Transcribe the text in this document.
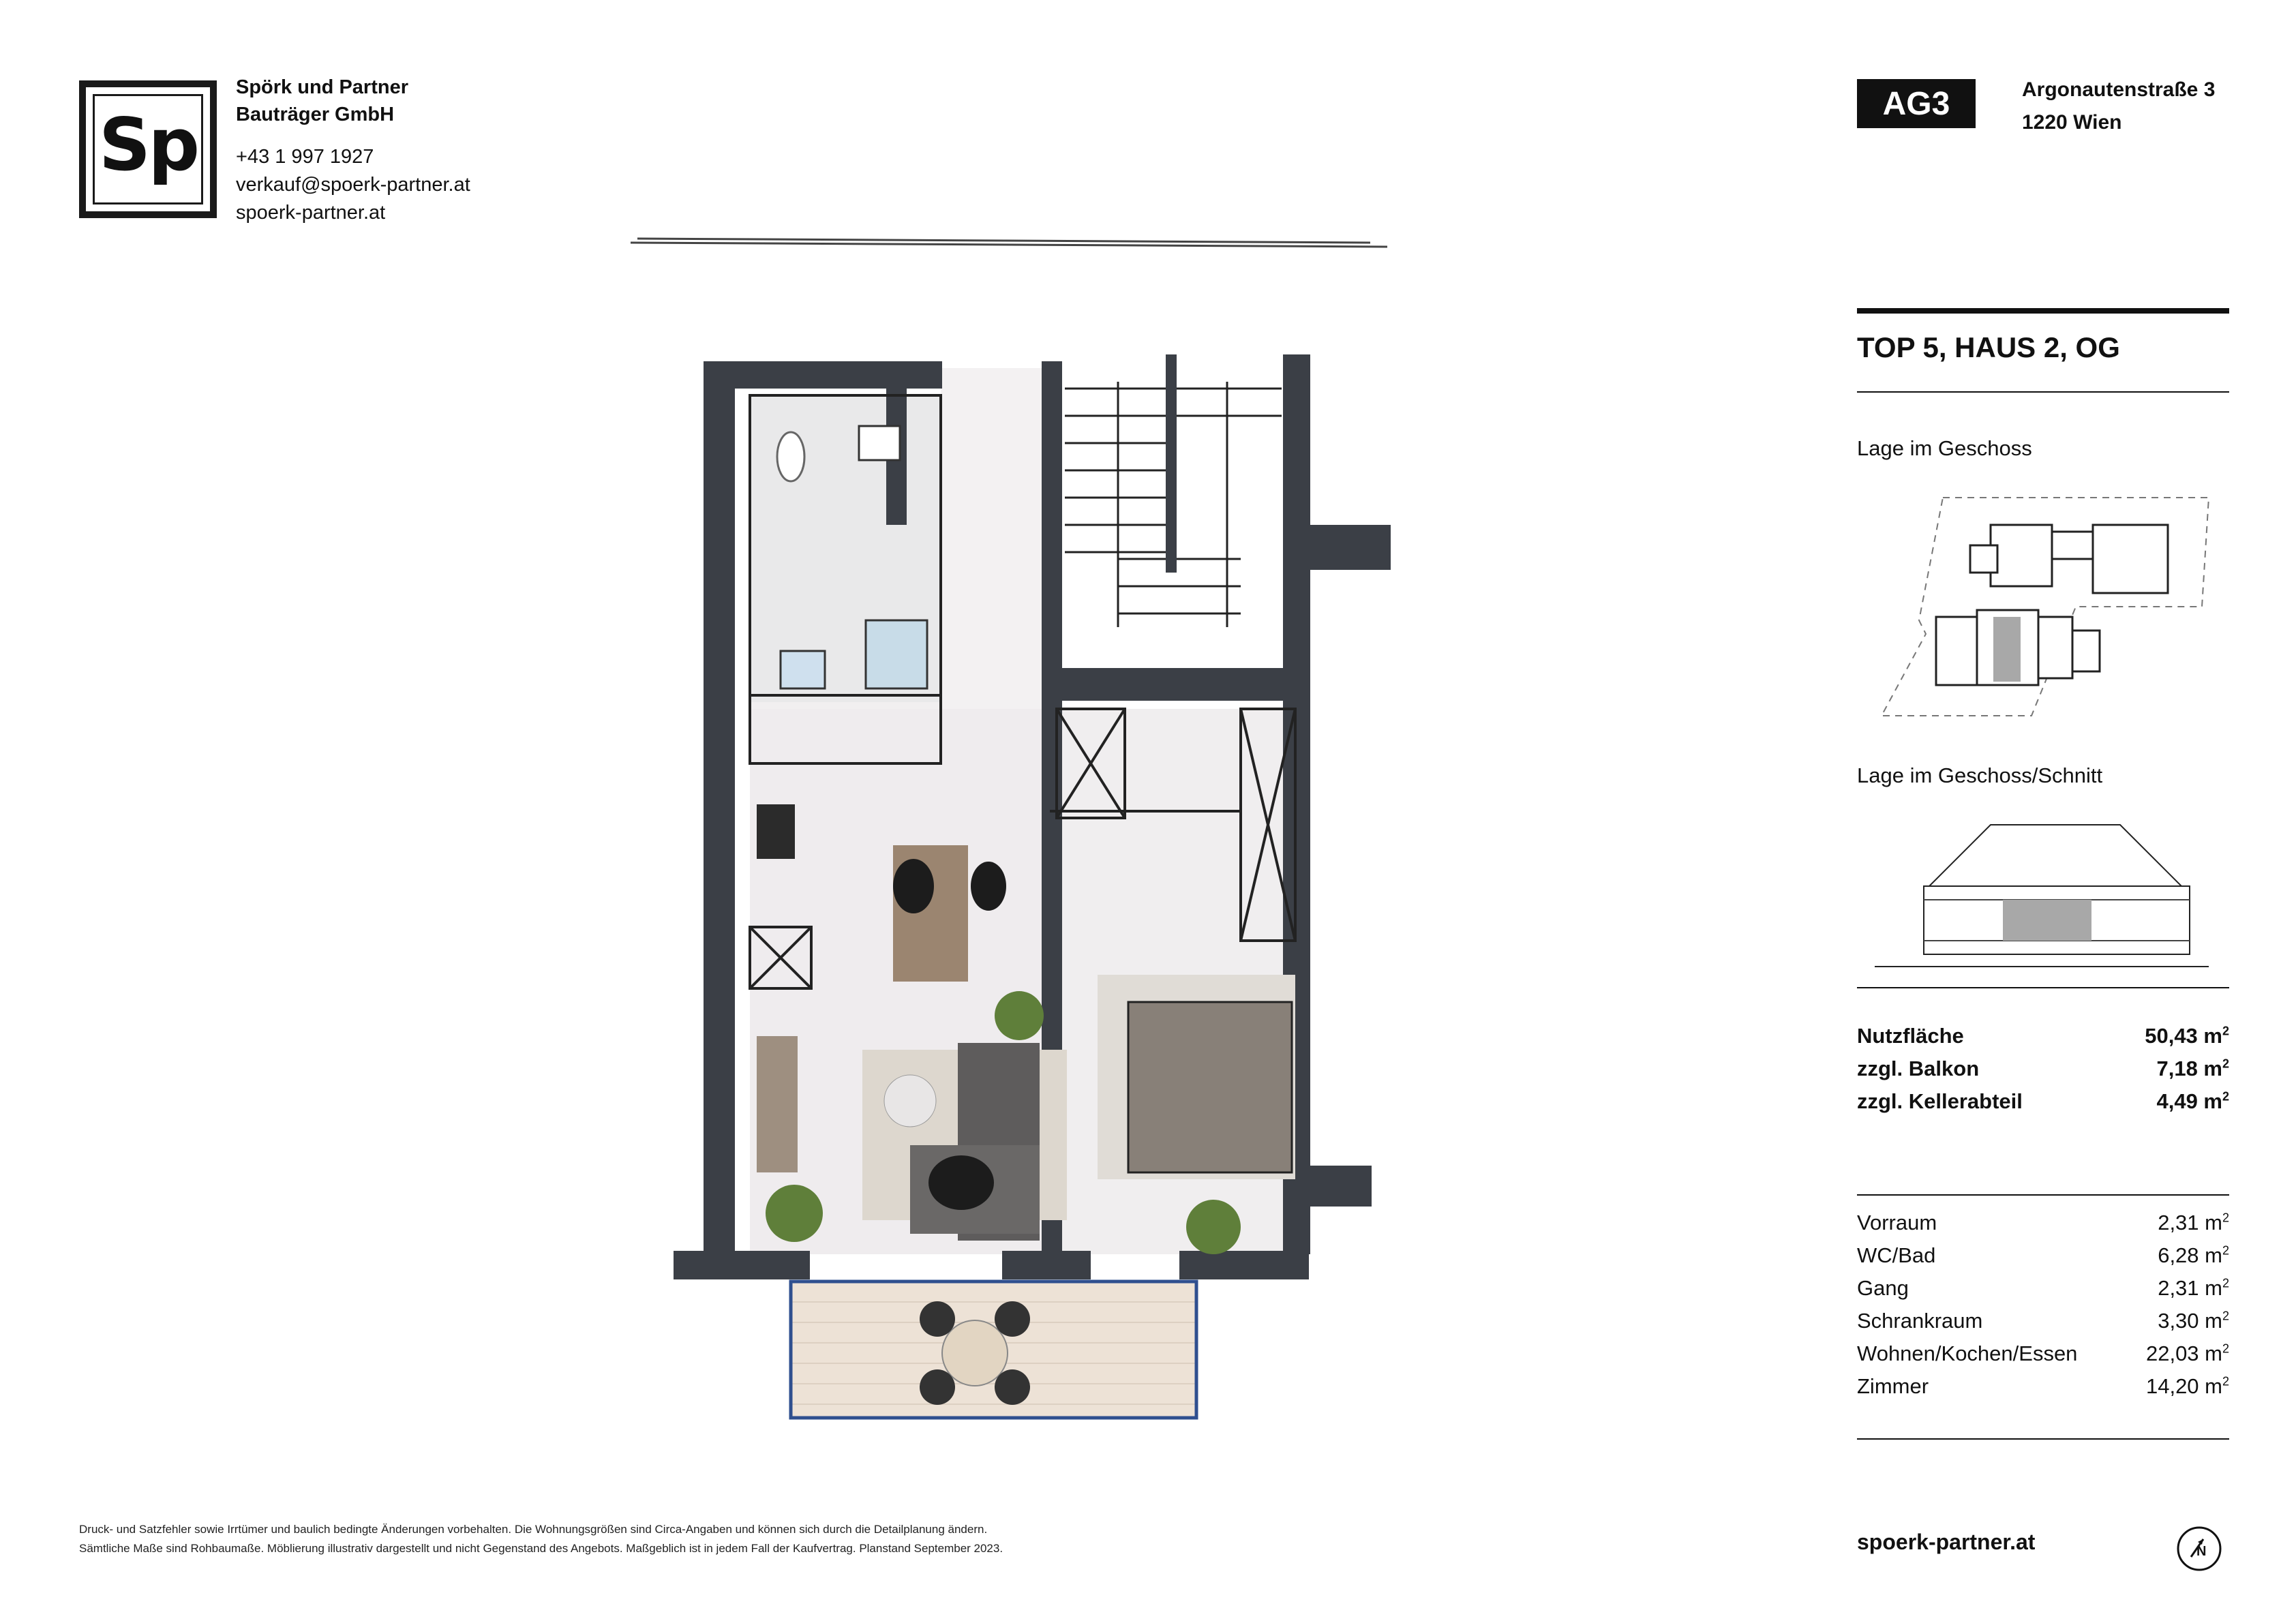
Sp
Spörk und Partner
Bauträger GmbH
+43 1 997 1927
verkauf@spoerk-partner.at
spoerk-partner.at
AG3	Argonautenstraße 3
1220 Wien
TOP 5, HAUS 2, OG
Lage im Geschoss
Lage im Geschoss/Schnitt
Nutzfläche	50,43 $m^2$
zzgl. Balkon	7,18 $m^2$
zzgl. Kellerabteil	4,49 $m^2$
Vorraum	2,31 $m^2$
WC/Bad	6,28 $m^2$
Gang	2,31 $m^2$
Schrankraum	3,30 $m^2$
Wohnen/Kochen/Essen	22,03 $m^2$
Zimmer	14,20 $m^2$
Druck- und Satzfehler sowie Irrtümer und baulich bedingte Änderungen vorbehalten. Die Wohnungsgrößen sind Circa-Angaben und können sich durch die Detailplanung ändern.
Sämtliche Maße sind Rohbaumaße. Möblierung illustrativ dargestellt und nicht Gegenstand des Angebots. Maßgeblich ist in jedem Fall der Kaufvertrag. Planstand September 2023.	spoerk-partner.at	N
